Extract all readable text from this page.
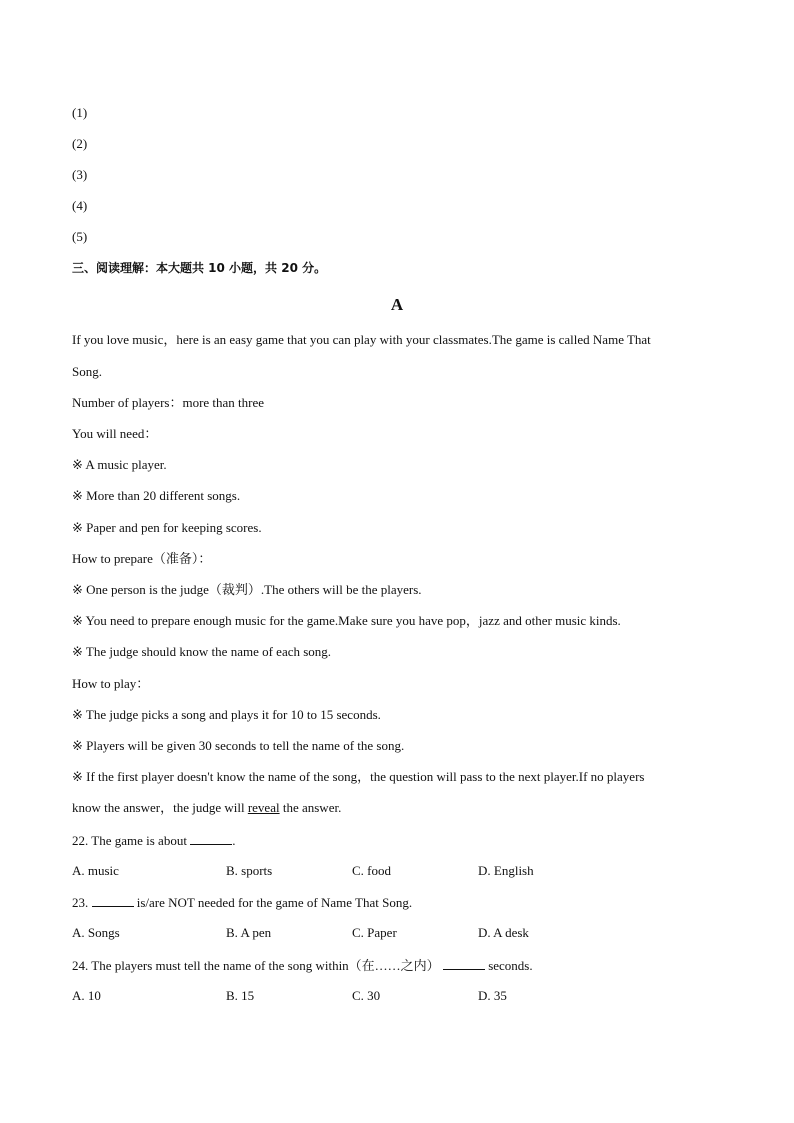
(1)
(2)
(3)
(4)
(5)
三、阅读理解：本大题共 10 小题，共 20 分。
A
If you love music，here is an easy game that you can play with your classmates.The game is called Name That
Song.
Number of players：more than three
You will need：
※ A music player.
※ More than 20 different songs.
※ Paper and pen for keeping scores.
How to prepare（准备）：
※ One person is the judge（裁判）.The others will be the players.
※ You need to prepare enough music for the game.Make sure you have pop，jazz and other music kinds.
※ The judge should know the name of each song.
How to play：
※ The judge picks a song and plays it for 10 to 15 seconds.
※ Players will be given 30 seconds to tell the name of the song.
※ If the first player doesn't know the name of the song，the question will pass to the next player.If no players
know the answer，the judge will reveal the answer.
22. The game is about	.
A. music	B. sports	C. food	D. English
23.	is/are NOT needed for the game of Name That Song.
A. Songs	B. A pen	C. Paper	D. A desk
24. The players must tell the name of the song within（在……之内）	seconds.
A. 10	B. 15	C. 30	D. 35
